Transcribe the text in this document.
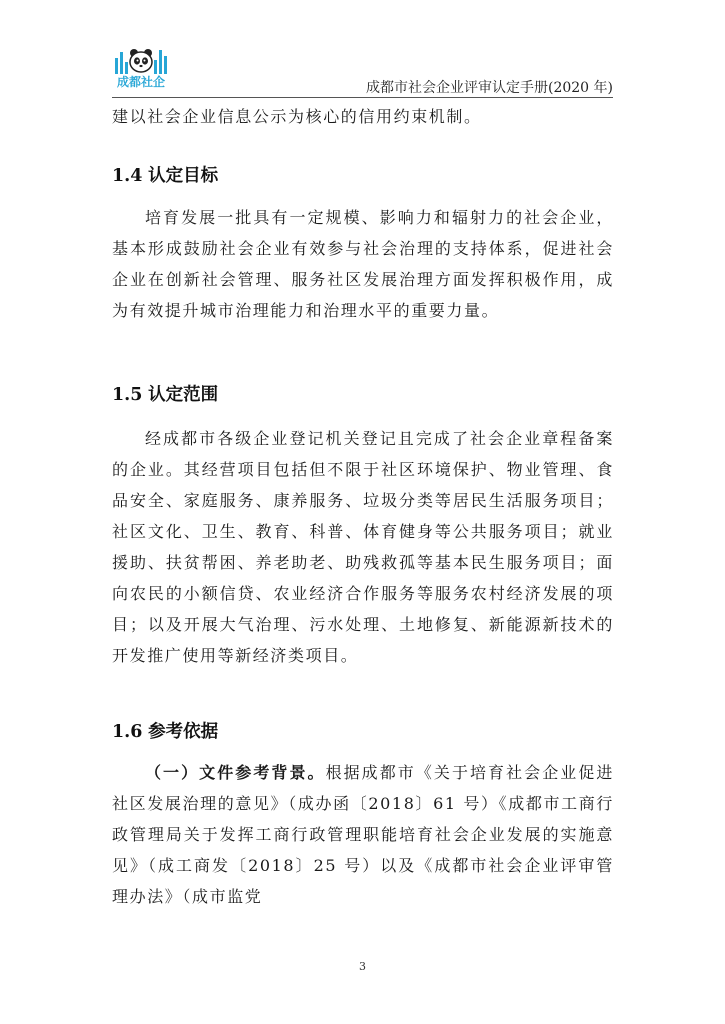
成都社企	成都市社会企业评审认定手册(2020 年)

建以社会企业信息公示为核心的信用约束机制。

1.4 认定目标

培育发展一批具有一定规模、影响力和辐射力的社会企业，基本形成鼓励社会企业有效参与社会治理的支持体系，促进社会企业在创新社会管理、服务社区发展治理方面发挥积极作用，成为有效提升城市治理能力和治理水平的重要力量。

1.5 认定范围

经成都市各级企业登记机关登记且完成了社会企业章程备案的企业。其经营项目包括但不限于社区环境保护、物业管理、食品安全、家庭服务、康养服务、垃圾分类等居民生活服务项目；社区文化、卫生、教育、科普、体育健身等公共服务项目；就业援助、扶贫帮困、养老助老、助残救孤等基本民生服务项目；面向农民的小额信贷、农业经济合作服务等服务农村经济发展的项目；以及开展大气治理、污水处理、土地修复、新能源新技术的开发推广使用等新经济类项目。

1.6 参考依据

（一）文件参考背景。根据成都市《关于培育社会企业促进社区发展治理的意见》（成办函〔2018〕61 号）《成都市工商行政管理局关于发挥工商行政管理职能培育社会企业发展的实施意见》（成工商发〔2018〕25 号）以及《成都市社会企业评审管理办法》（成市监党

3
